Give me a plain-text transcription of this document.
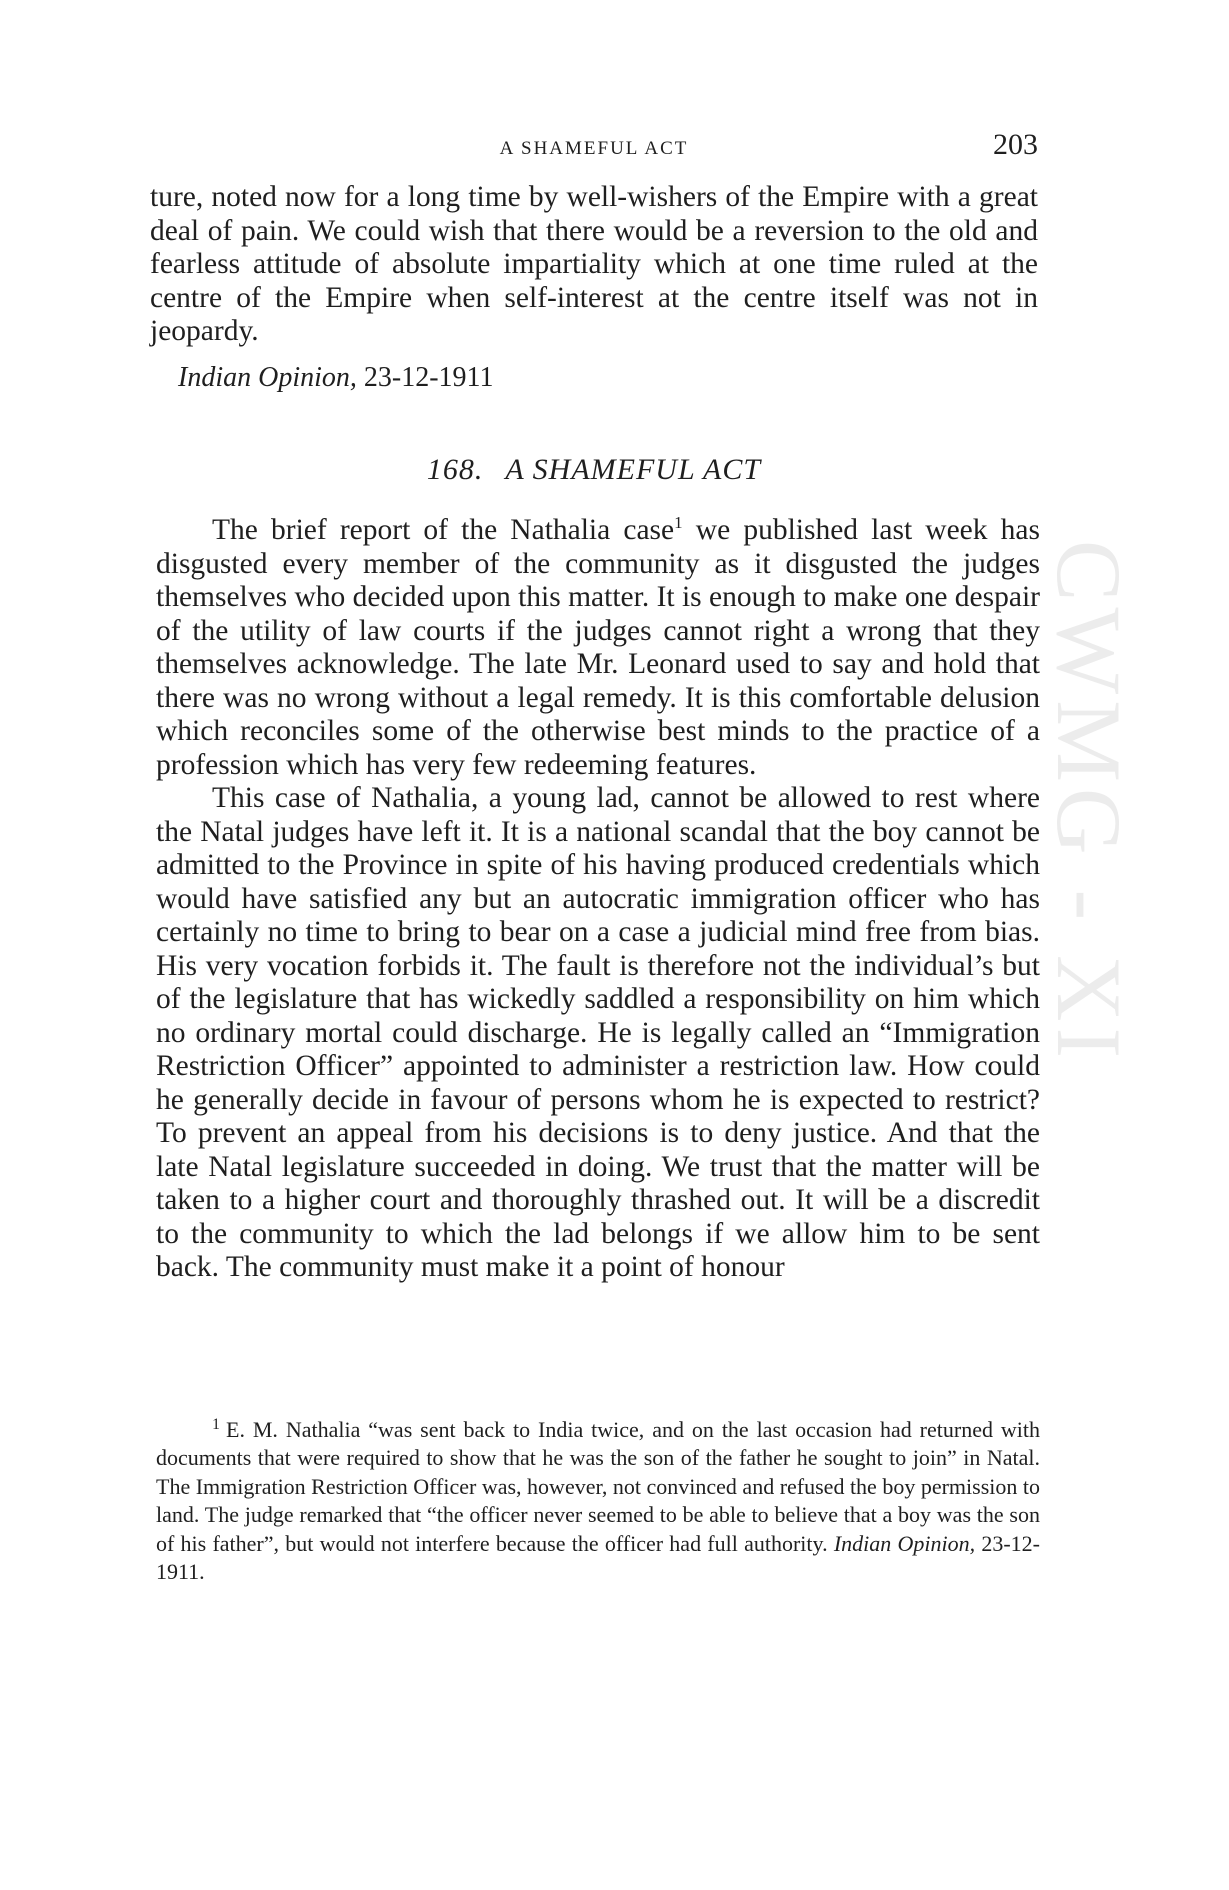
A SHAMEFUL ACT	203

ture, noted now for a long time by well-wishers of the Empire with a great deal of pain. We could wish that there would be a reversion to the old and fearless attitude of absolute impartiality which at one time ruled at the centre of the Empire when self-interest at the centre itself was not in jeopardy.

Indian Opinion, 23-12-1911
168. A SHAMEFUL ACT

The brief report of the Nathalia case$^1$ we published last week has disgusted every member of the community as it disgusted the judges themselves who decided upon this matter. It is enough to make one despair of the utility of law courts if the judges cannot right a wrong that they themselves acknowledge. The late Mr. Leonard used to say and hold that there was no wrong without a legal remedy. It is this comfortable delusion which reconciles some of the otherwise best minds to the practice of a profession which has very few redeeming features.

This case of Nathalia, a young lad, cannot be allowed to rest where the Natal judges have left it. It is a national scandal that the boy cannot be admitted to the Province in spite of his having produced credentials which would have satisfied any but an autocratic immigration officer who has certainly no time to bring to bear on a case a judicial mind free from bias. His very vocation forbids it. The fault is therefore not the individual’s but of the legislature that has wickedly saddled a responsibility on him which no ordinary mortal could discharge. He is legally called an “Immigration Restriction Officer” appointed to administer a restriction law. How could he generally decide in favour of persons whom he is expected to restrict? To prevent an appeal from his decisions is to deny justice. And that the late Natal legislature succeeded in doing. We trust that the matter will be taken to a higher court and thoroughly thrashed out. It will be a discredit to the community to which the lad belongs if we allow him to be sent back. The community must make it a point of honour

$^1$ E. M. Nathalia “was sent back to India twice, and on the last occasion had returned with documents that were required to show that he was the son of the father he sought to join” in Natal. The Immigration Restriction Officer was, however, not convinced and refused the boy permission to land. The judge remarked that “the officer never seemed to be able to believe that a boy was the son of his father”, but would not interfere because the officer had full authority. Indian Opinion, 23-12-1911.

CWMG - XI
